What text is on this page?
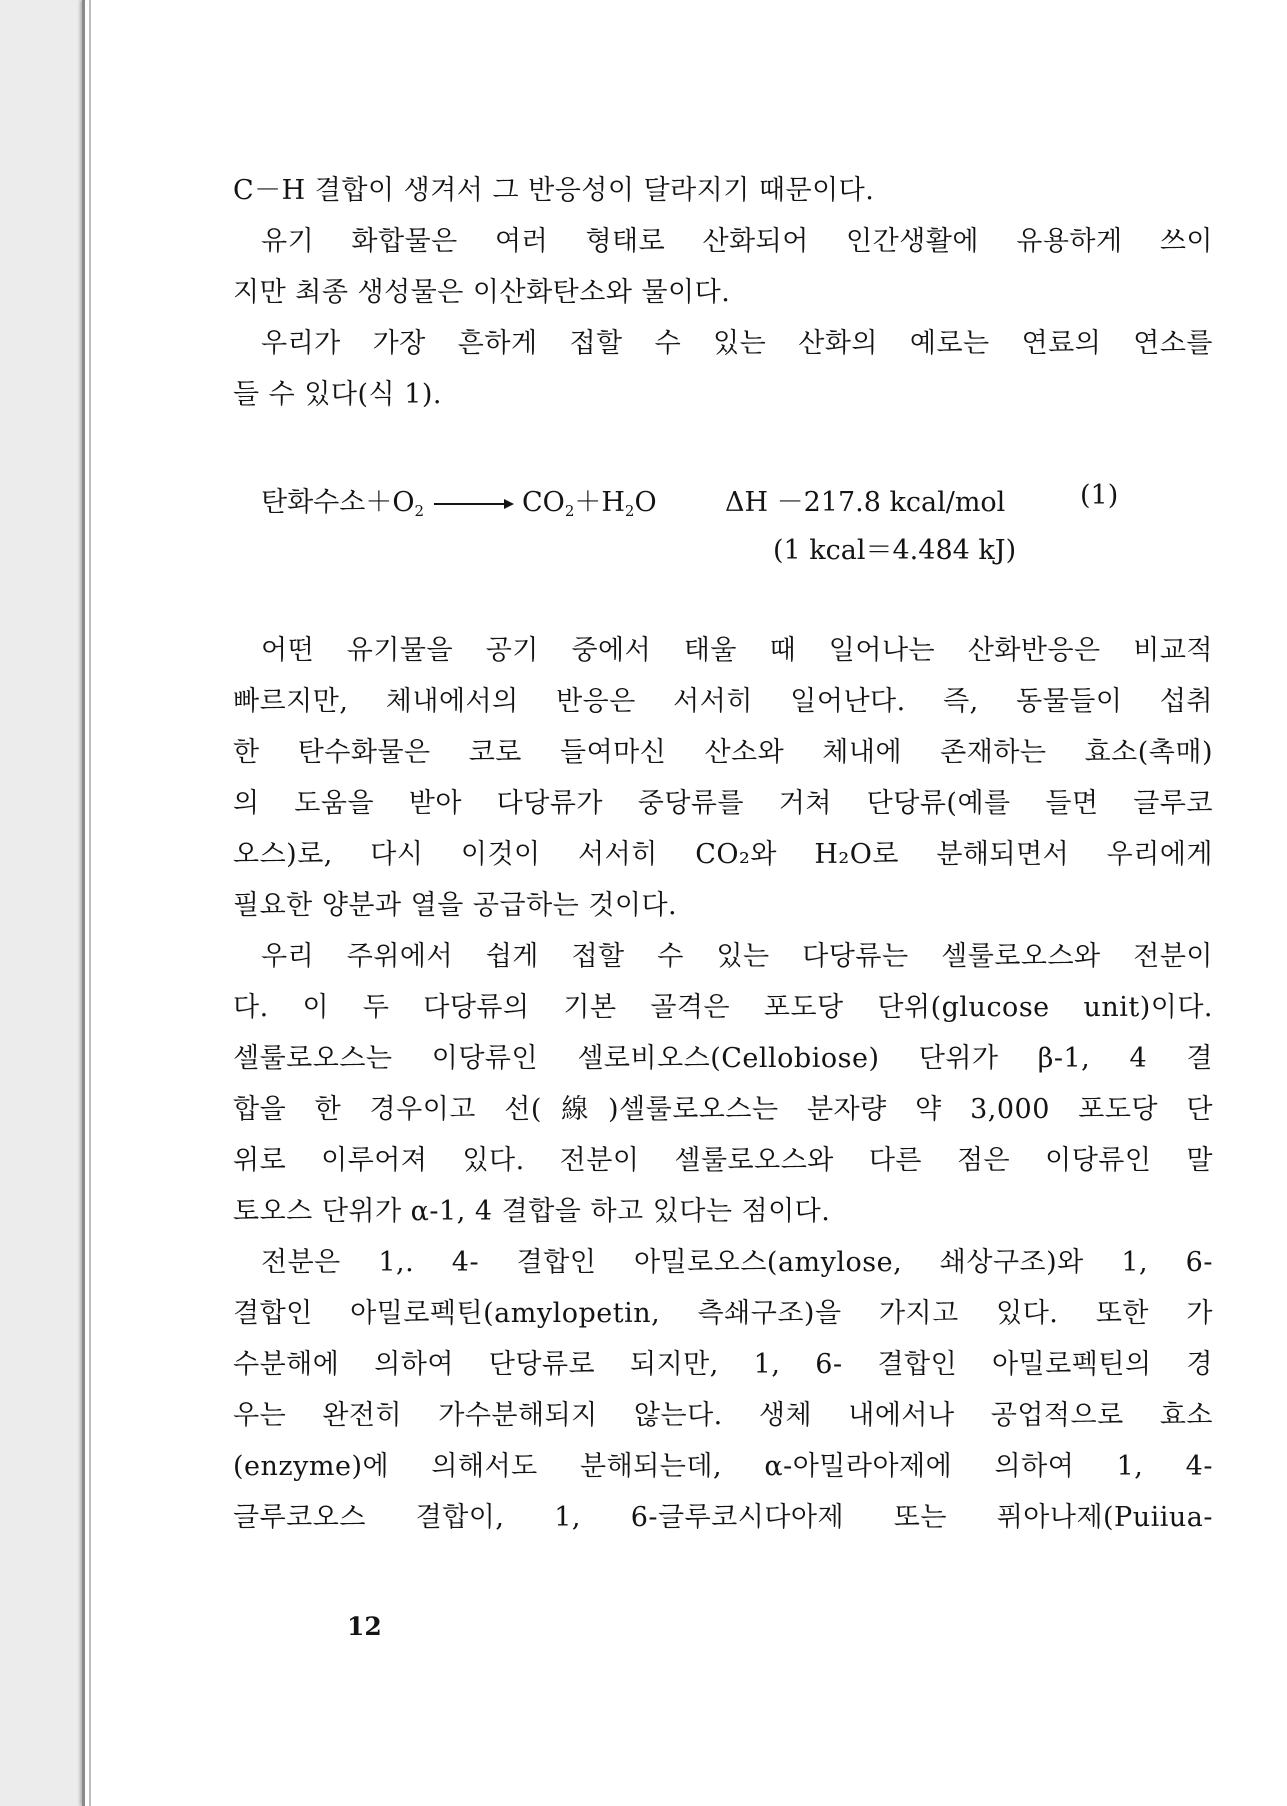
C－H 결합이 생겨서 그 반응성이 달라지기 때문이다.
유기 화합물은 여러 형태로 산화되어 인간생활에 유용하게 쓰이
지만 최종 생성물은 이산화탄소와 물이다.
우리가 가장 흔하게 접할 수 있는 산화의 예로는 연료의 연소를
들 수 있다(식 1).
탄화수소$+O_2 \to CO_2+H_2O$	ΔH －217.8 kcal/mol	(1)
(1 kcal＝4.484 kJ)
어떤 유기물을 공기 중에서 태울 때 일어나는 산화반응은 비교적
빠르지만, 체내에서의 반응은 서서히 일어난다. 즉, 동물들이 섭취
한 탄수화물은 코로 들여마신 산소와 체내에 존재하는 효소(촉매)
의 도움을 받아 다당류가 중당류를 거쳐 단당류(예를 들면 글루코
오스)로, 다시 이것이 서서히 CO₂와 H₂O로 분해되면서 우리에게
필요한 양분과 열을 공급하는 것이다.
우리 주위에서 쉽게 접할 수 있는 다당류는 셀룰로오스와 전분이
다. 이 두 다당류의 기본 골격은 포도당 단위(glucose unit)이다.
셀룰로오스는 이당류인 셀로비오스(Cellobiose) 단위가 β-1, 4 결
합을 한 경우이고 선(線)셀룰로오스는 분자량 약 3,000 포도당 단
위로 이루어져 있다. 전분이 셀룰로오스와 다른 점은 이당류인 말
토오스 단위가 α-1, 4 결합을 하고 있다는 점이다.
전분은 1,. 4- 결합인 아밀로오스(amylose, 쇄상구조)와 1, 6-
결합인 아밀로펙틴(amylopetin, 측쇄구조)을 가지고 있다. 또한 가
수분해에 의하여 단당류로 되지만, 1, 6- 결합인 아밀로펙틴의 경
우는 완전히 가수분해되지 않는다. 생체 내에서나 공업적으로 효소
(enzyme)에 의해서도 분해되는데, α-아밀라아제에 의하여 1, 4-
글루코오스 결합이, 1, 6-글루코시다아제 또는 퓌아나제(Puiiua-
12
